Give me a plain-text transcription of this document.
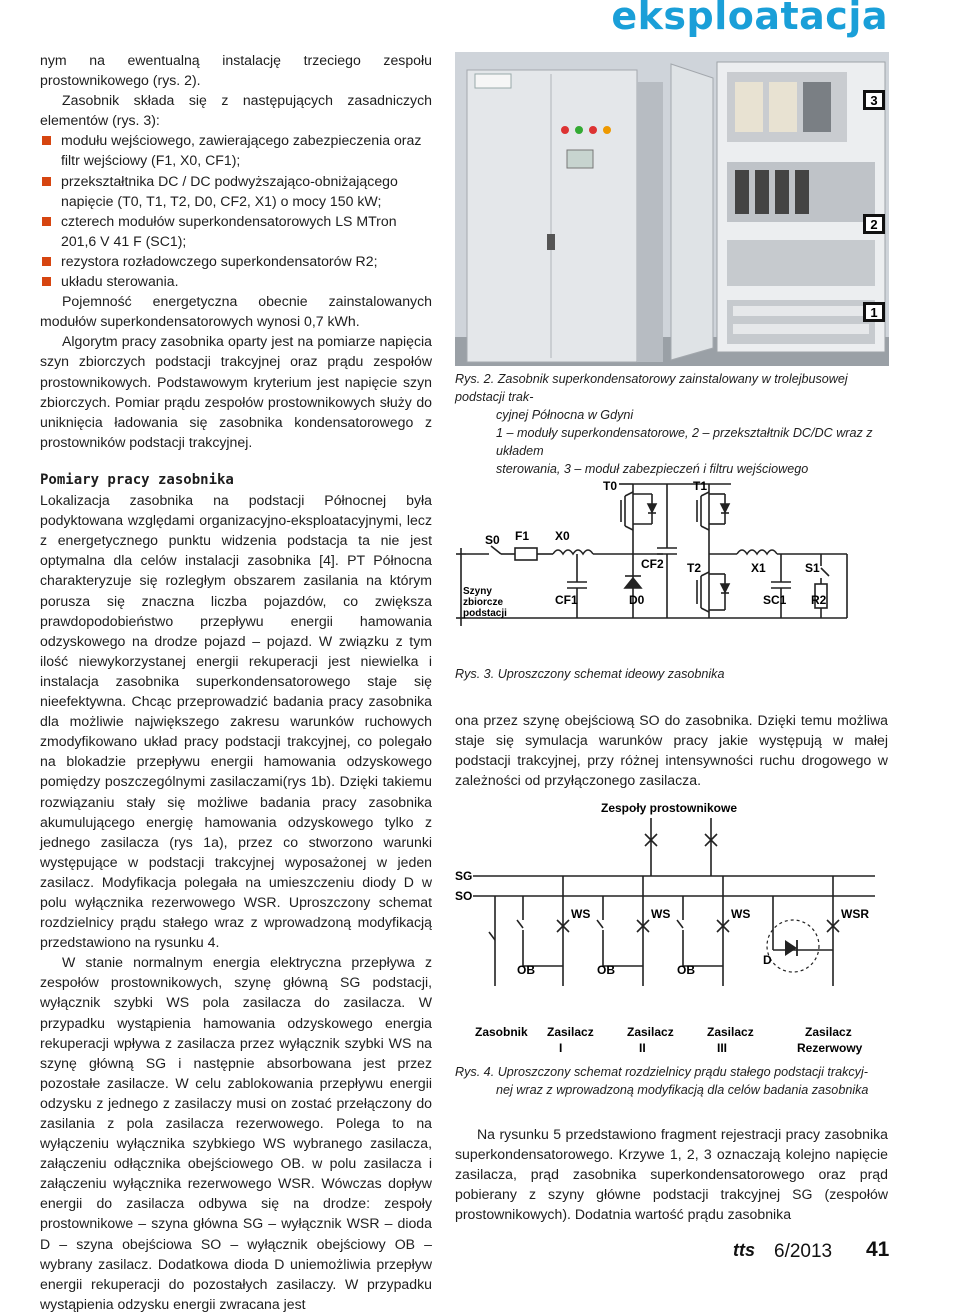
eksploatacja

nym na ewentualną instalację trzeciego zespołu prostownikowego (rys. 2).

Zasobnik składa się z następujących zasadniczych elementów (rys. 3):

modułu wejściowego, zawierającego zabezpieczenia oraz filtr wejściowy (F1, X0, CF1);
przekształtnika DC / DC podwyższająco-obniżającego napięcie (T0, T1, T2, D0, CF2, X1) o mocy 150 kW;
czterech modułów superkondensatorowych LS MTron 201,6 V 41 F (SC1);
rezystora rozładowczego superkondensatorów R2;
układu sterowania.

Pojemność energetyczna obecnie zainstalowanych modułów superkondensatorowych wynosi 0,7 kWh.

Algorytm pracy zasobnika oparty jest na pomiarze napięcia szyn zbiorczych podstacji trakcyjnej oraz prądu zespołów prostownikowych. Podstawowym kryterium jest napięcie szyn zbiorczych. Pomiar prądu zespołów prostownikowych służy do uniknięcia ładowania się zasobnika kondensatorowego z prostowników podstacji trakcyjnej.

Pomiary pracy zasobnika

Lokalizacja zasobnika na podstacji Północnej była podyktowana względami organizacyjno-eksploatacyjnymi, lecz z energetycznego punktu widzenia podstacja ta nie jest optymalna dla celów instalacji zasobnika [4]. PT Północna charakteryzuje się rozległym obszarem zasilania na którym porusza się znaczna liczba pojazdów, co zwiększa prawdopodobieństwo przepływu energii hamowania odzyskowego na drodze pojazd – pojazd. W związku z tym ilość niewykorzystanej energii rekuperacji jest niewielka i instalacja zasobnika superkondensatorowego staje się nieefektywna. Chcąc przeprowadzić badania pracy zasobnika dla możliwie największego zakresu warunków ruchowych zmodyfikowano układ pracy podstacji trakcyjnej, co polegało na blokadzie przepływu energii hamowania odzyskowego pomiędzy poszczególnymi zasilaczami(rys 1b). Dzięki takiemu rozwiązaniu stały się możliwe badania pracy zasobnika akumulującego energię hamowania odzyskowego tylko z jednego zasilacza (rys 1a), przez co stworzono warunki występujące w podstacji trakcyjnej wyposażonej w jeden zasilacz. Modyfikacja polegała na umieszczeniu diody D w polu wyłącznika rezerwowego WSR. Uproszczony schemat rozdzielnicy prądu stałego wraz z wprowadzoną modyfikacją przedstawiono na rysunku 4.

W stanie normalnym energia elektryczna przepływa z zespołów prostownikowych, szynę główną SG podstacji, wyłącznik szybki WS pola zasilacza do zasilacza. W przypadku wystąpienia hamowania odzyskowego energia rekuperacji wpływa z zasilacza przez wyłącznik szybki WS na szynę główną SG i następnie absorbowana jest przez pozostałe zasilacze. W celu zablokowania przepływu energii odzysku z jednego z zasilaczy musi on zostać przełączony do zasilania z pola zasilacza rezerwowego. Polega to na wyłączeniu wyłącznika szybkiego WS wybranego zasilacza, załączeniu odłącznika obejściowego OB. w polu zasilacza i załączeniu wyłącznika rezerwowego WSR. Wówczas dopływ energii do zasilacza odbywa się na drodze: zespoły prostownikowe – szyna główna SG – wyłącznik WSR – dioda D – szyna obejściowa SO – wyłącznik obejściowy OB – wybrany zasilacz. Dodatkowa dioda D uniemożliwia przepływ energii rekuperacji do pozostałych zasilaczy. W przypadku wystąpienia odzysku energii zwracana jest

3
2
1
Rys. 2. Zasobnik superkondensatorowy zainstalowany w trolejbusowej podstacji trak-
cyjnej Północna w Gdyni
1 – moduły superkondensatorowe, 2 – przekształtnik DC/DC wraz z układem
sterowania, 3 – moduł zabezpieczeń i filtru wejściowego
S0 F1 X0
T0	T1
CF2 T2	X1	S1
CF1	D0	SC1 R2
Szyny
zbiorcze
podstacji
Rys. 3. Uproszczony schemat ideowy zasobnika

ona przez szynę obejściową SO do zasobnika. Dzięki temu możliwa staje się symulacja warunków pracy jakie występują w małej podstacji trakcyjnej, przy różnej intensywności ruchu drogowego w zależności od przyłączonego zasilacza.

Zespoły prostownikowe
SG
SO
WS	WS	WS	WSR
OB	OB	OB
D
Zasobnik Zasilacz
I
Zasilacz
II
Zasilacz
III
Zasilacz
Rezerwowy
Rys. 4. Uproszczony schemat rozdzielnicy prądu stałego podstacji trakcyj-
nej wraz z wprowadzoną modyfikacją dla celów badania zasobnika

Na rysunku 5 przedstawiono fragment rejestracji pracy zasobnika superkondensatorowego. Krzywe 1, 2, 3 oznaczają kolejno napięcie zasilacza, prąd zasobnika superkondensatorowego oraz prąd pobierany z szyny główne podstacji trakcyjnej SG (zespołów prostownikowych). Dodatnia wartość prądu zasobnika

tts 6/2013 41
